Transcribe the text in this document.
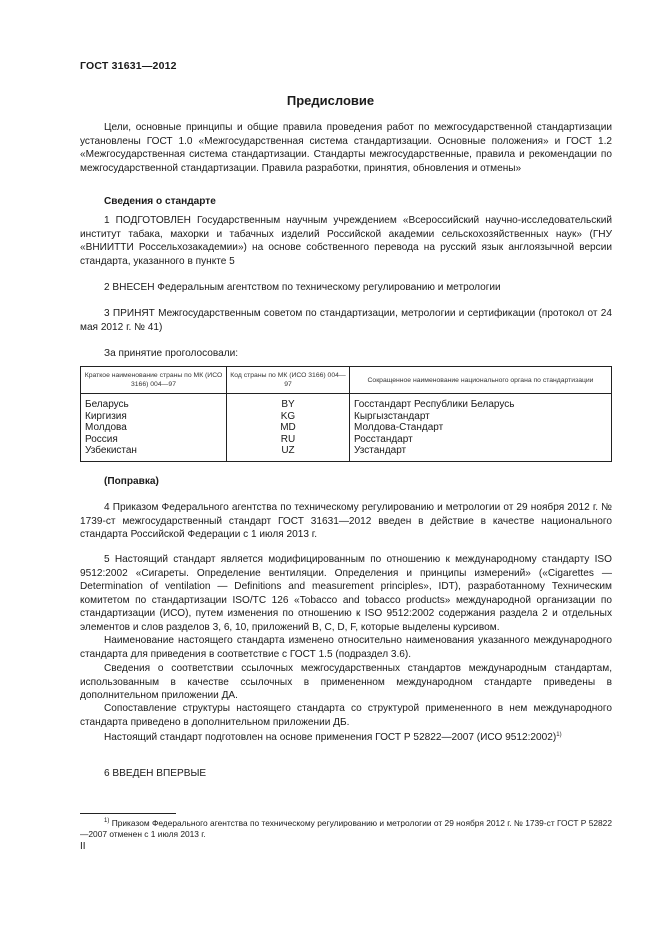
ГОСТ 31631—2012
Предисловие
Цели, основные принципы и общие правила проведения работ по межгосударственной стандартизации установлены ГОСТ 1.0 «Межгосударственная система стандартизации. Основные положения» и ГОСТ 1.2 «Межгосударственная система стандартизации. Стандарты межгосударственные, правила и рекомендации по межгосударственной стандартизации. Правила разработки, принятия, обновления и отмены»
Сведения о стандарте
1 ПОДГОТОВЛЕН Государственным научным учреждением «Всероссийский научно-исследовательский институт табака, махорки и табачных изделий Российской академии сельскохозяйственных наук» (ГНУ «ВНИИТТИ Россельхозакадемии») на основе собственного перевода на русский язык англоязычной версии стандарта, указанного в пункте 5
2 ВНЕСЕН Федеральным агентством по техническому регулированию и метрологии
3 ПРИНЯТ Межгосударственным советом по стандартизации, метрологии и сертификации (протокол от 24 мая 2012 г. № 41)
За принятие проголосовали:
Краткое наименование страны по МК (ИСО 3166) 004—97	Код страны по МК (ИСО 3166) 004—97	Сокращенное наименование национального органа по стандартизации
Беларусь	BY	Госстандарт Республики Беларусь
Киргизия	KG	Кыргызстандарт
Молдова	MD	Молдова-Стандарт
Россия	RU	Росстандарт
Узбекистан	UZ	Узстандарт
(Поправка)
4 Приказом Федерального агентства по техническому регулированию и метрологии от 29 ноября 2012 г. № 1739-ст межгосударственный стандарт ГОСТ 31631—2012 введен в действие в качестве национального стандарта Российской Федерации с 1 июля 2013 г.
5 Настоящий стандарт является модифицированным по отношению к международному стандарту ISO 9512:2002 «Сигареты. Определение вентиляции. Определения и принципы измерений» («Cigarettes — Determination of ventilation — Definitions and measurement principles», IDT), разработанному Техническим комитетом по стандартизации ISO/TC 126 «Tobacco and tobacco products» международной организации по стандартизации (ИСО), путем изменения по отношению к ISO 9512:2002 содержания раздела 2 и отдельных элементов и слов разделов 3, 6, 10, приложений B, C, D, F, которые выделены курсивом.
Наименование настоящего стандарта изменено относительно наименования указанного международного стандарта для приведения в соответствие с ГОСТ 1.5 (подраздел 3.6).
Сведения о соответствии ссылочных межгосударственных стандартов международным стандартам, использованным в качестве ссылочных в примененном международном стандарте приведены в дополнительном приложении ДА.
Сопоставление структуры настоящего стандарта со структурой примененного в нем международного стандарта приведено в дополнительном приложении ДБ.
Настоящий стандарт подготовлен на основе применения ГОСТ Р 52822—2007 (ИСО 9512:2002)$^{1)}$
6 ВВЕДЕН ВПЕРВЫЕ
$^{1)}$ Приказом Федерального агентства по техническому регулированию и метрологии от 29 ноября 2012 г. № 1739-ст ГОСТ Р 52822—2007 отменен с 1 июля 2013 г.
II
